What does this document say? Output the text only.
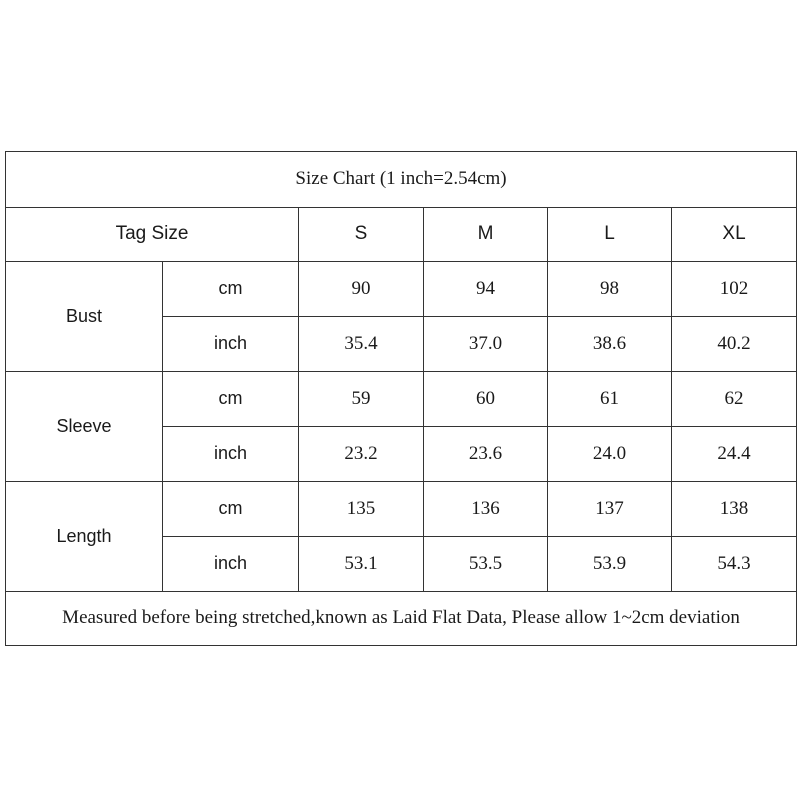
Size Chart (1 inch=2.54cm)					
Tag Size		S	M	L	XL
Bust	cm	90	94	98	102
	inch	35.4	37.0	38.6	40.2
Sleeve	cm	59	60	61	62
	inch	23.2	23.6	24.0	24.4
Length	cm	135	136	137	138
	inch	53.1	53.5	53.9	54.3
Measured before being stretched,known as Laid Flat Data, Please allow 1~2cm deviation					
